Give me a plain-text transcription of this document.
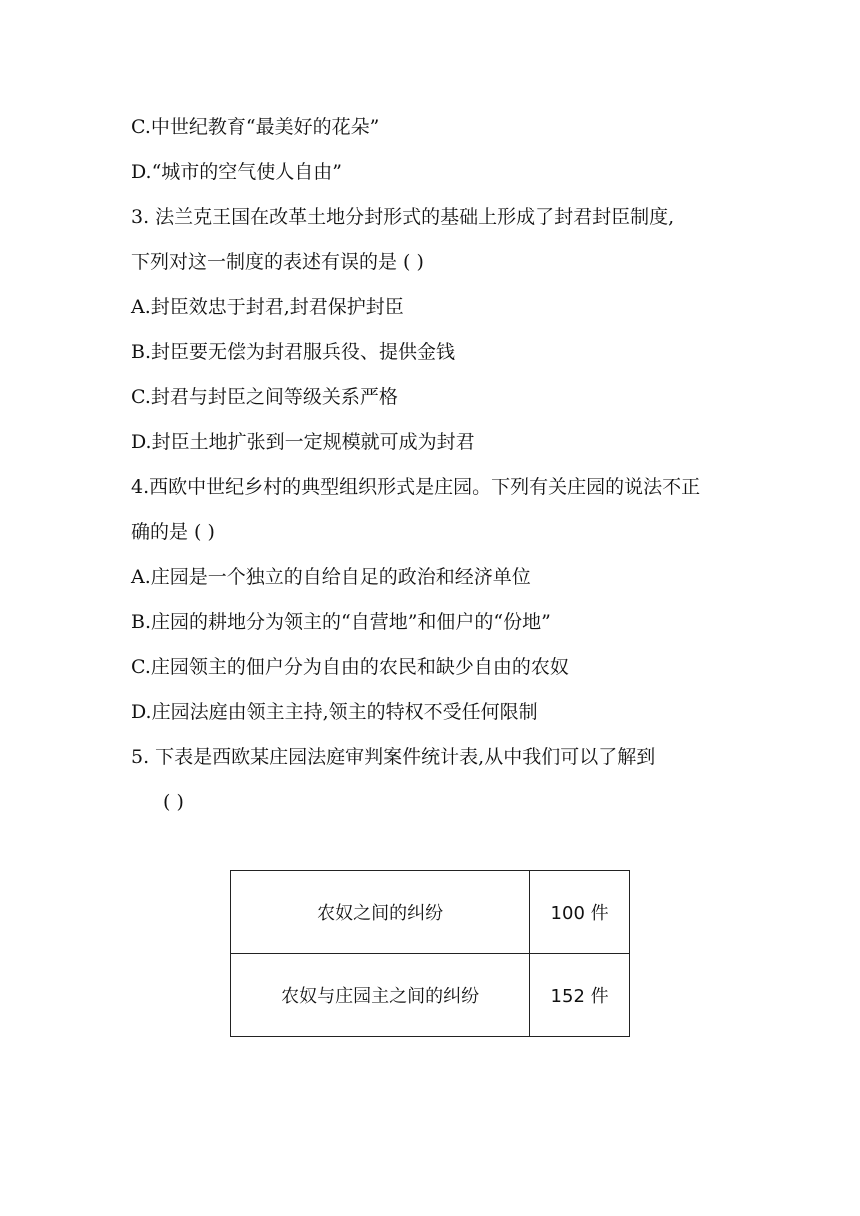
C.中世纪教育“最美好的花朵”
D.“城市的空气使人自由”
3. 法兰克王国在改革土地分封形式的基础上形成了封君封臣制度,
下列对这一制度的表述有误的是 ( )
A.封臣效忠于封君,封君保护封臣
B.封臣要无偿为封君服兵役、提供金钱
C.封君与封臣之间等级关系严格
D.封臣土地扩张到一定规模就可成为封君
4.西欧中世纪乡村的典型组织形式是庄园。下列有关庄园的说法不正
确的是 ( )
A.庄园是一个独立的自给自足的政治和经济单位
B.庄园的耕地分为领主的“自营地”和佃户的“份地”
C.庄园领主的佃户分为自由的农民和缺少自由的农奴
D.庄园法庭由领主主持,领主的特权不受任何限制
5. 下表是西欧某庄园法庭审判案件统计表,从中我们可以了解到
( )
农奴之间的纠纷	100 件
农奴与庄园主之间的纠纷	152 件
